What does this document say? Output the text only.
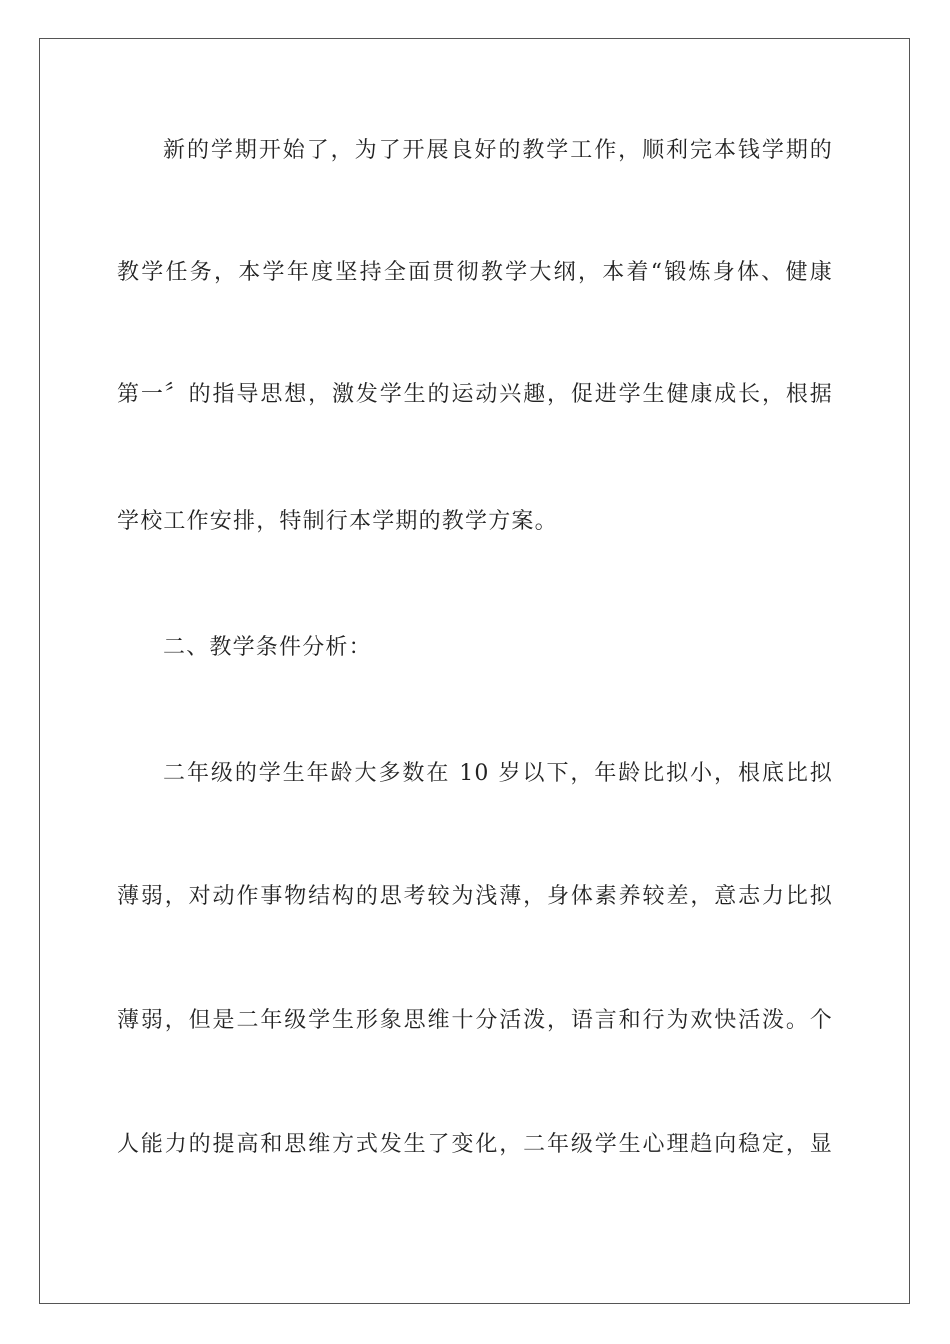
新的学期开始了，为了开展良好的教学工作，顺利完本钱学期的
教学任务，本学年度坚持全面贯彻教学大纲，本着“锻炼身体、健康
第一〞的指导思想，激发学生的运动兴趣，促进学生健康成长，根据
学校工作安排，特制行本学期的教学方案。
二、教学条件分析：
二年级的学生年龄大多数在 10 岁以下，年龄比拟小，根底比拟
薄弱，对动作事物结构的思考较为浅薄，身体素养较差，意志力比拟
薄弱，但是二年级学生形象思维十分活泼，语言和行为欢快活泼。个
人能力的提高和思维方式发生了变化，二年级学生心理趋向稳定，显
